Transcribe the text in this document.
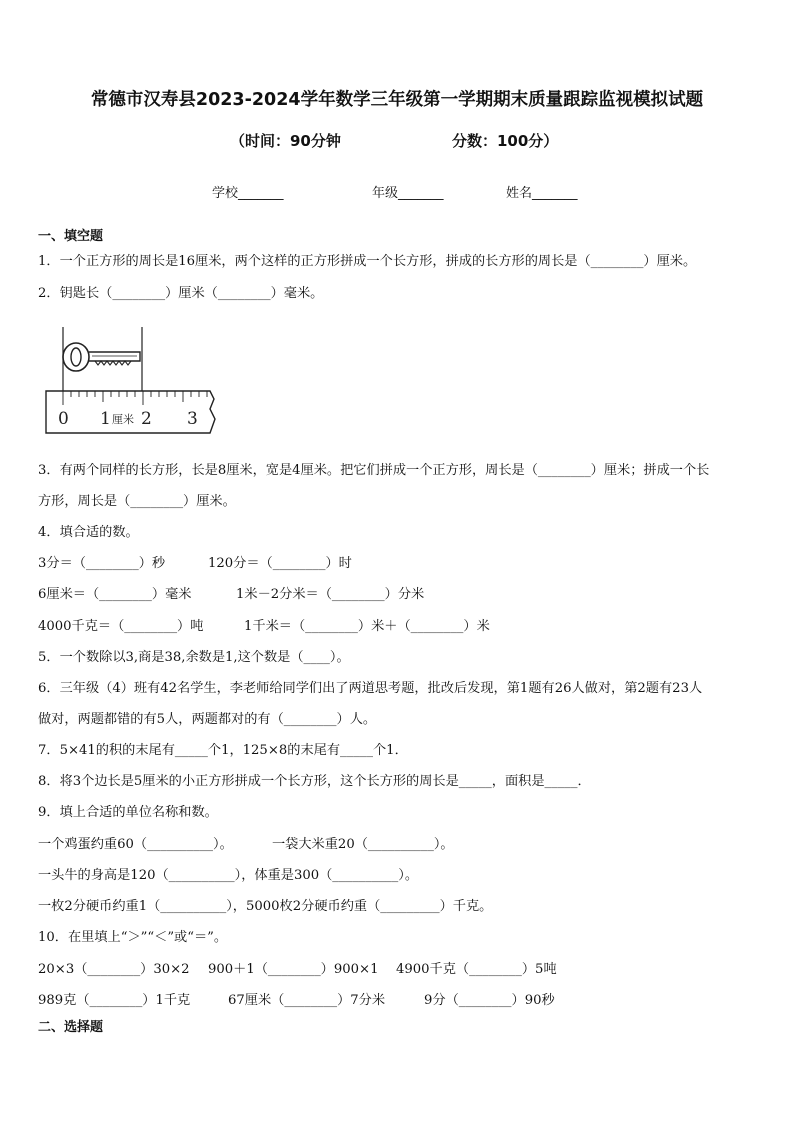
常德市汉寿县2023-2024学年数学三年级第一学期期末质量跟踪监视模拟试题
（时间：90分钟	分数：100分）
学校_______	年级_______	姓名_______
一、填空题
1．一个正方形的周长是16厘米，两个这样的正方形拼成一个长方形，拼成的长方形的周长是（________）厘米。
2．钥匙长（________）厘米（________）毫米。
0 1 厘米 2 3
3．有两个同样的长方形，长是8厘米，宽是4厘米。把它们拼成一个正方形，周长是（________）厘米；拼成一个长
方形，周长是（________）厘米。
4．填合适的数。
3分＝（________）秒	120分＝（________）时
6厘米＝（________）毫米	1米－2分米＝（________）分米
4000千克＝（________）吨	1千米＝（________）米＋（________）米
5．一个数除以3,商是38,余数是1,这个数是（____）。
6．三年级（4）班有42名学生，李老师给同学们出了两道思考题，批改后发现，第1题有26人做对，第2题有23人
做对，两题都错的有5人，两题都对的有（________）人。
7．5×41的积的末尾有_____个1，125×8的末尾有_____个1．
8．将3个边长是5厘米的小正方形拼成一个长方形，这个长方形的周长是_____，面积是_____．
9．填上合适的单位名称和数。
一个鸡蛋约重60（__________）。	一袋大米重20（__________）。
一头牛的身高是120（__________），体重是300（__________）。
一枚2分硬币约重1（__________），5000枚2分硬币约重（_________）千克。
10．在里填上“＞”“＜”或“＝”。
20×3（________）30×2 900＋1（________）900×1 4900千克（________）5吨
989克（________）1千克	67厘米（________）7分米	9分（________）90秒
二、选择题
